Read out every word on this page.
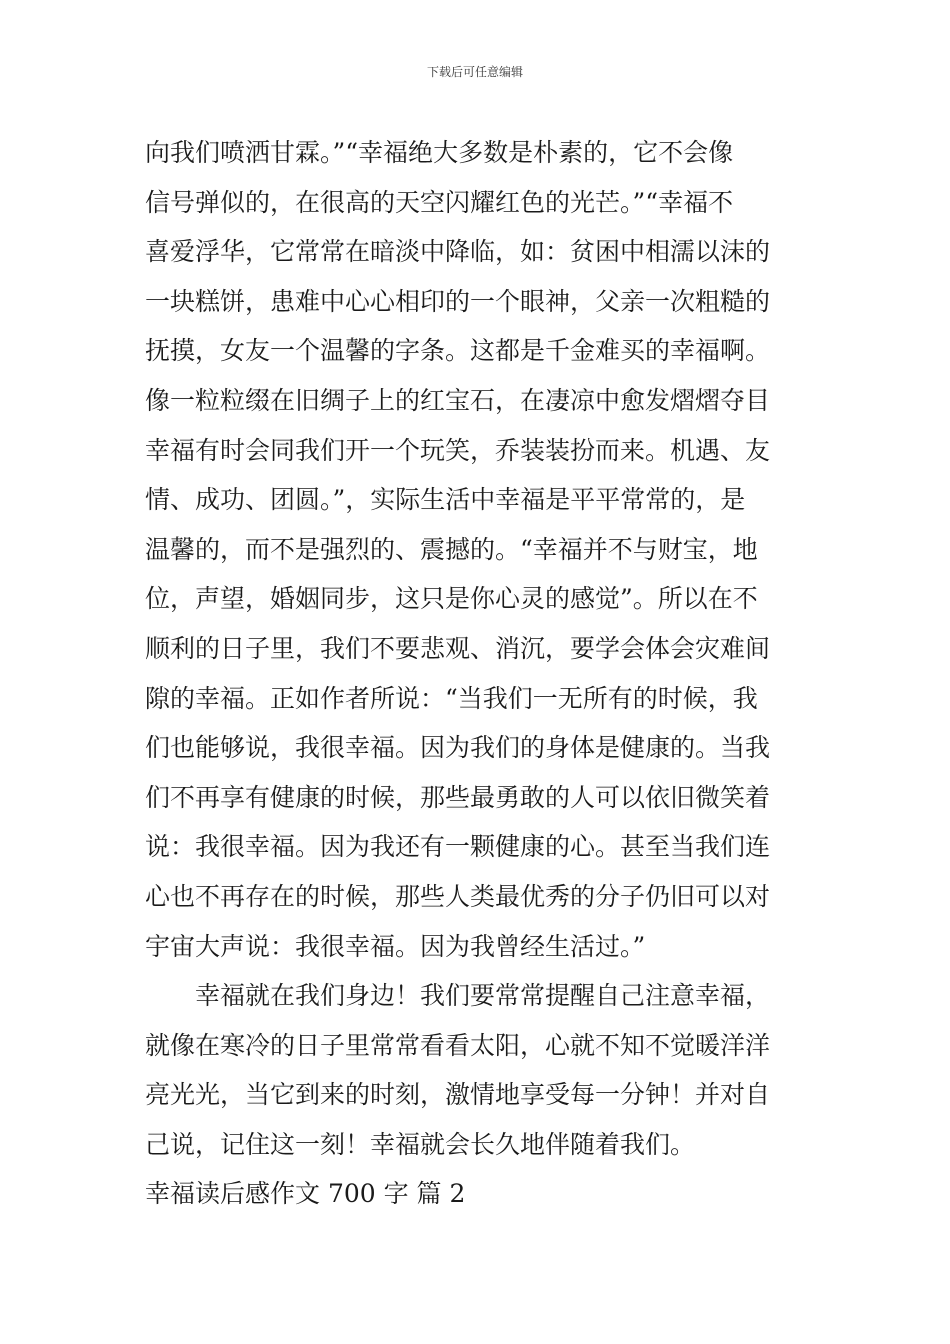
下载后可任意编辑
向我们喷洒甘霖。”“幸福绝大多数是朴素的，它不会像
信号弹似的，在很高的天空闪耀红色的光芒。”“幸福不
喜爱浮华，它常常在暗淡中降临，如：贫困中相濡以沫的
一块糕饼，患难中心心相印的一个眼神，父亲一次粗糙的
抚摸，女友一个温馨的字条。这都是千金难买的幸福啊。
像一粒粒缀在旧绸子上的红宝石，在凄凉中愈发熠熠夺目
幸福有时会同我们开一个玩笑，乔装装扮而来。机遇、友
情、成功、团圆。”，实际生活中幸福是平平常常的，是
温馨的，而不是强烈的、震撼的。“幸福并不与财宝，地
位，声望，婚姻同步，这只是你心灵的感觉”。所以在不
顺利的日子里，我们不要悲观、消沉，要学会体会灾难间
隙的幸福。正如作者所说：“当我们一无所有的时候，我
们也能够说，我很幸福。因为我们的身体是健康的。当我
们不再享有健康的时候，那些最勇敢的人可以依旧微笑着
说：我很幸福。因为我还有一颗健康的心。甚至当我们连
心也不再存在的时候，那些人类最优秀的分子仍旧可以对
宇宙大声说：我很幸福。因为我曾经生活过。”
幸福就在我们身边！我们要常常提醒自己注意幸福，
就像在寒冷的日子里常常看看太阳，心就不知不觉暖洋洋
亮光光，当它到来的时刻，激情地享受每一分钟！并对自
己说，记住这一刻！幸福就会长久地伴随着我们。
幸福读后感作文 700 字 篇 2
